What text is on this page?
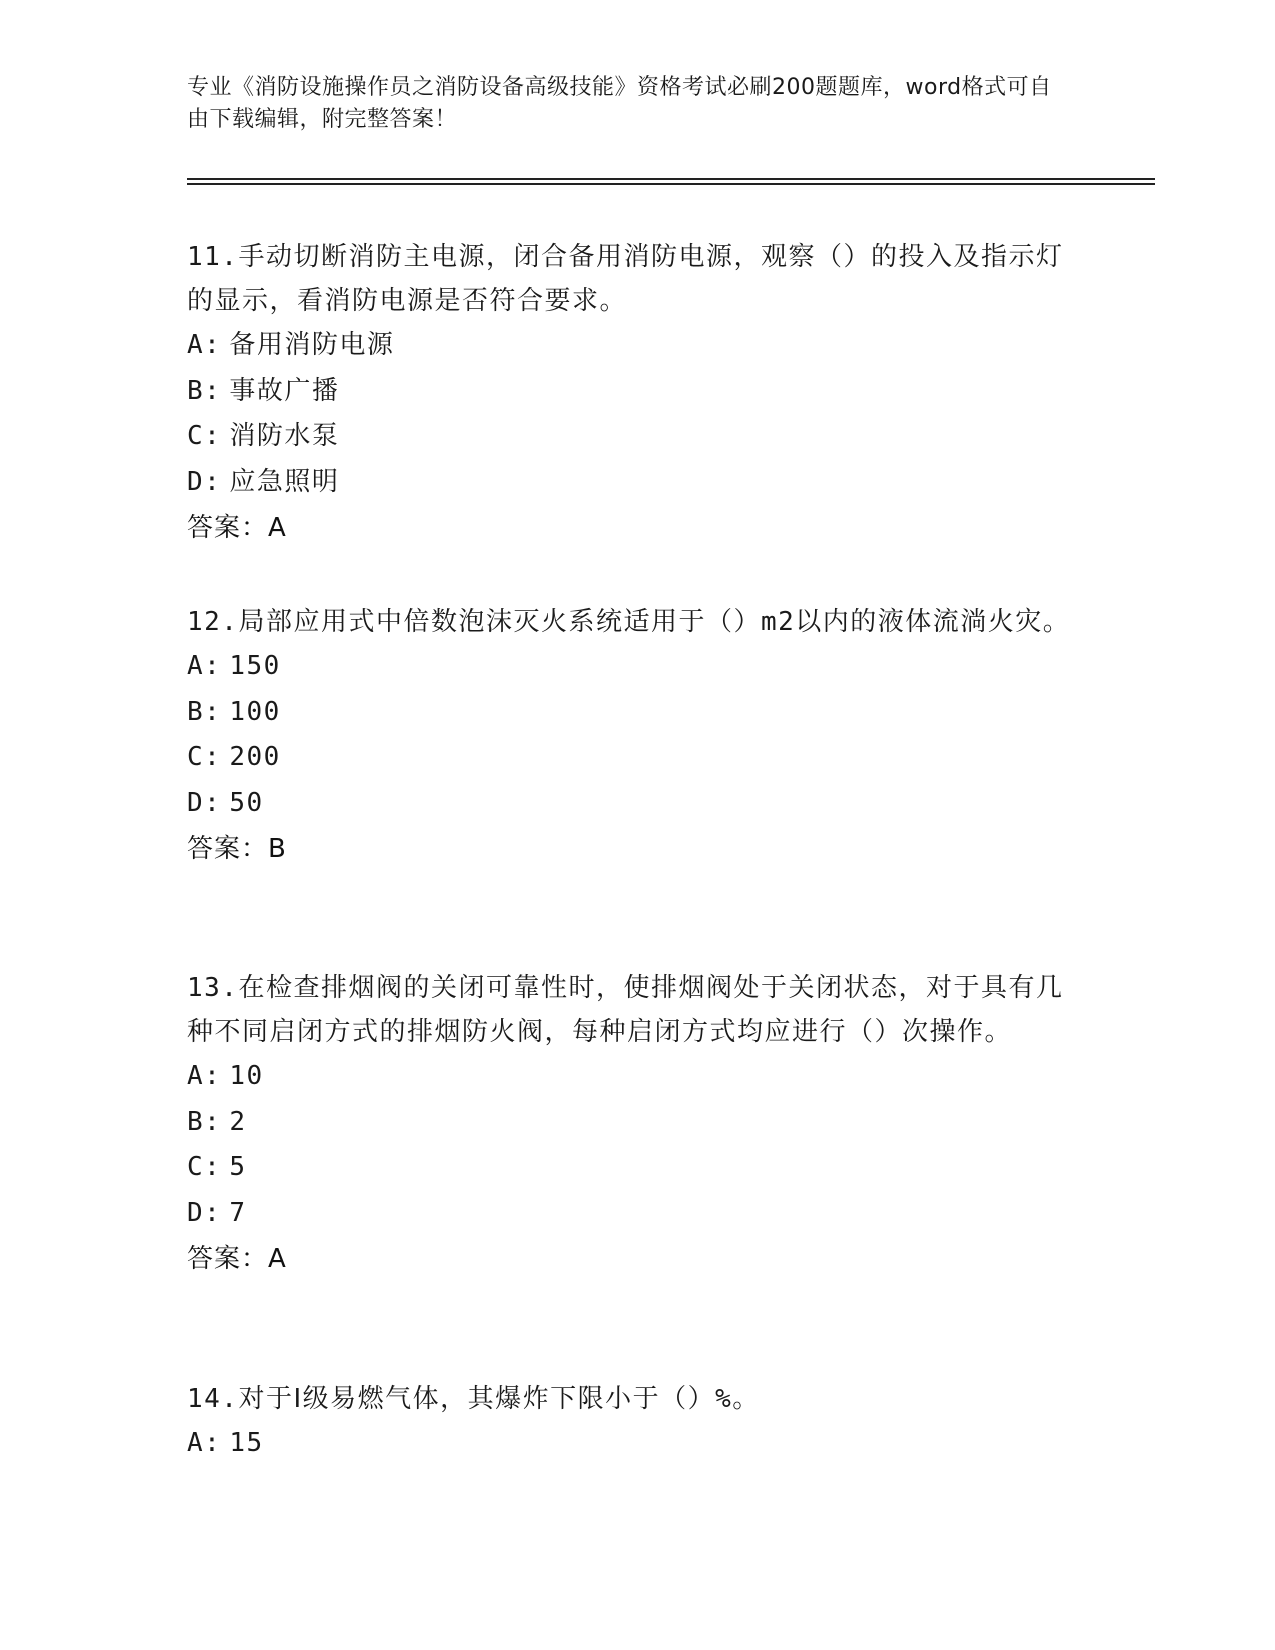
专业《消防设施操作员之消防设备高级技能》资格考试必刷200题题库，word格式可自由下载编辑，附完整答案！

11.手动切断消防主电源，闭合备用消防电源，观察（）的投入及指示灯的显示，看消防电源是否符合要求。

A: 备用消防电源

B: 事故广播

C: 消防水泵

D: 应急照明

答案：A

12.局部应用式中倍数泡沫灭火系统适用于（）m2以内的液体流淌火灾。

A: 150

B: 100

C: 200

D: 50

答案：B

13.在检查排烟阀的关闭可靠性时，使排烟阀处于关闭状态，对于具有几种不同启闭方式的排烟防火阀，每种启闭方式均应进行（）次操作。

A: 10

B: 2

C: 5

D: 7

答案：A

14.对于Ⅰ级易燃气体，其爆炸下限小于（）%。

A: 15
